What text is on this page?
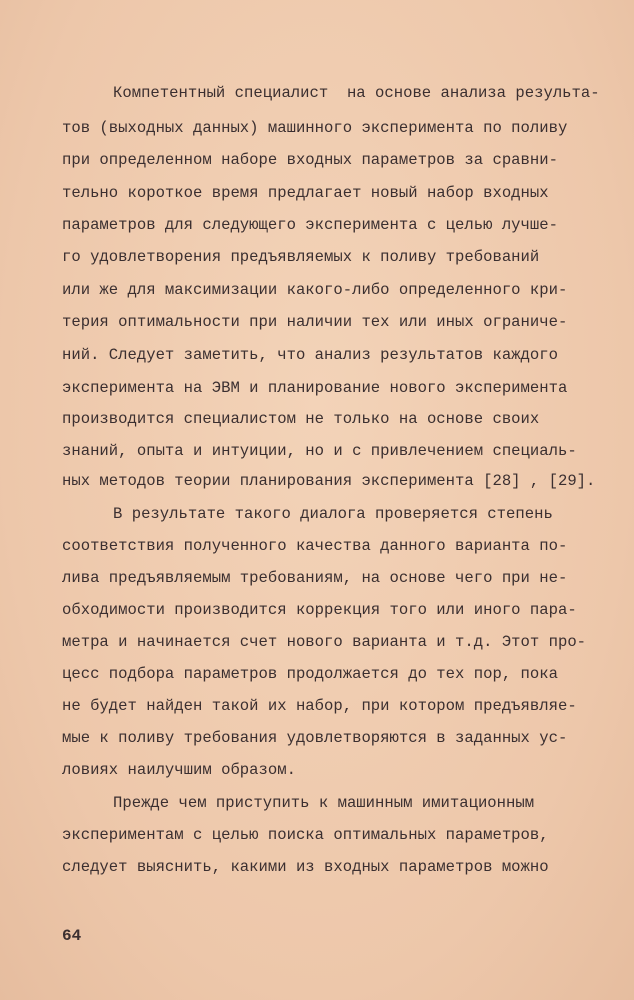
Компетентный специалист  на основе анализа результа-
тов (выходных данных) машинного эксперимента по поливу
при определенном наборе входных параметров за сравни-
тельно короткое время предлагает новый набор входных
параметров для следующего эксперимента с целью лучше-
го удовлетворения предъявляемых к поливу требований
или же для максимизации какого-либо определенного кри-
терия оптимальности при наличии тех или иных ограниче-
ний. Следует заметить, что анализ результатов каждого
эксперимента на ЭВМ и планирование нового эксперимента
производится специалистом не только на основе своих
знаний, опыта и интуиции, но и с привлечением специаль-
ных методов теории планирования эксперимента [28] , [29].
В результате такого диалога проверяется степень
соответствия полученного качества данного варианта по-
лива предъявляемым требованиям, на основе чего при не-
обходимости производится коррекция того или иного пара-
метра и начинается счет нового варианта и т.д. Этот про-
цесс подбора параметров продолжается до тех пор, пока
не будет найден такой их набор, при котором предъявляе-
мые к поливу требования удовлетворяются в заданных ус-
ловиях наилучшим образом.
Прежде чем приступить к машинным имитационным
экспериментам с целью поиска оптимальных параметров,
следует выяснить, какими из входных параметров можно
64
